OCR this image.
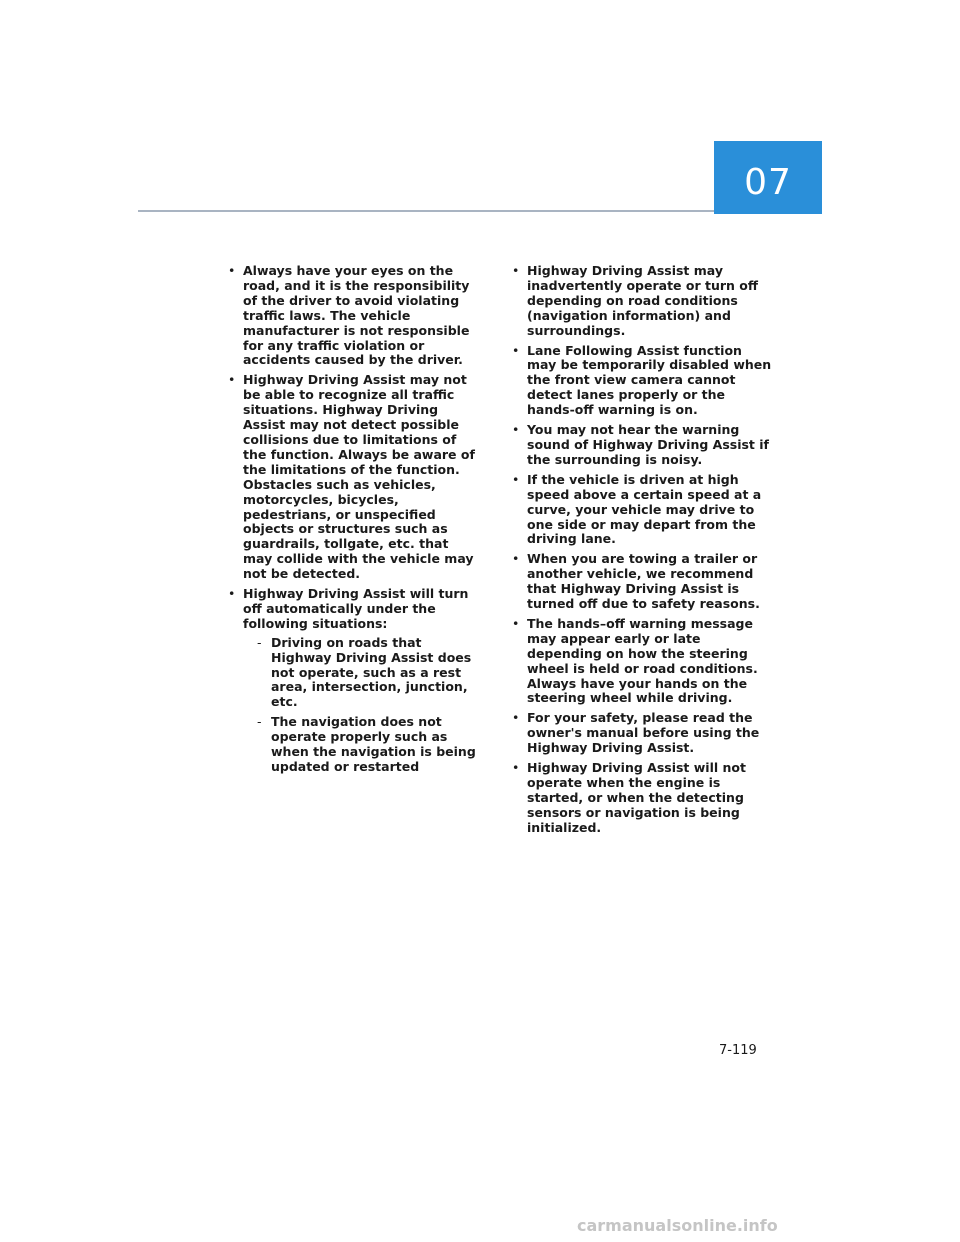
07
• Always have your eyes on the road, and it is the responsibility of the driver to avoid violating traffic laws. The vehicle manufacturer is not responsible for any traffic violation or accidents caused by the driver.
• Highway Driving Assist may not be able to recognize all traffic situations. Highway Driving Assist may not detect possible collisions due to limitations of the function. Always be aware of the limitations of the function. Obstacles such as vehicles, motorcycles, bicycles, pedestrians, or unspecified objects or structures such as guardrails, tollgate, etc. that may collide with the vehicle may not be detected.
• Highway Driving Assist will turn off automatically under the following situations:
- Driving on roads that Highway Driving Assist does not operate, such as a rest area, intersection, junction, etc.
- The navigation does not operate properly such as when the navigation is being updated or restarted
• Highway Driving Assist may inadvertently operate or turn off depending on road conditions (navigation information) and surroundings.
• Lane Following Assist function may be temporarily disabled when the front view camera cannot detect lanes properly or the hands-off warning is on.
• You may not hear the warning sound of Highway Driving Assist if the surrounding is noisy.
• If the vehicle is driven at high speed above a certain speed at a curve, your vehicle may drive to one side or may depart from the driving lane.
• When you are towing a trailer or another vehicle, we recommend that Highway Driving Assist is turned off due to safety reasons.
• The hands–off warning message may appear early or late depending on how the steering wheel is held or road conditions. Always have your hands on the steering wheel while driving.
• For your safety, please read the owner's manual before using the Highway Driving Assist.
• Highway Driving Assist will not operate when the engine is started, or when the detecting sensors or navigation is being initialized.
7-119
carmanualsonline.info
